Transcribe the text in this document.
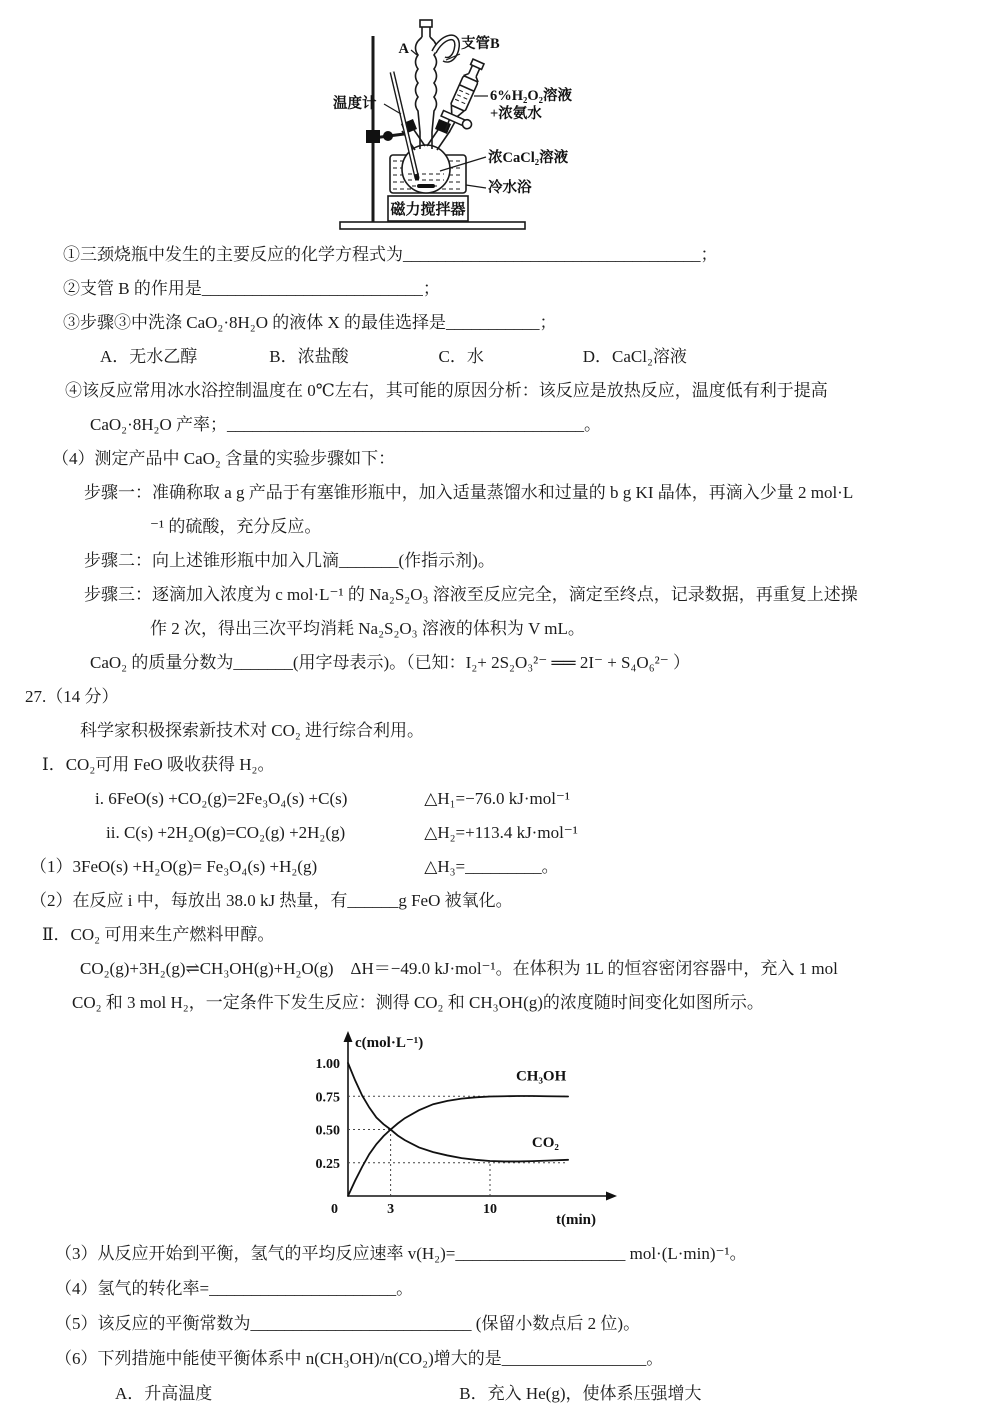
A	支管B
温度计	6%H₂O₂溶液
+浓氨水
浓CaCl₂溶液
冷水浴
磁力搅拌器
①三颈烧瓶中发生的主要反应的化学方程式为___________________________________；
②支管 B 的作用是__________________________；
③步骤③中洗涤 CaO₂·8H₂O 的液体 X 的最佳选择是___________；
A．无水乙醇	B．浓盐酸	C．水	D．CaCl₂溶液
④该反应常用冰水浴控制温度在 0℃左右，其可能的原因分析：该反应是放热反应，温度低有利于提高
CaO₂·8H₂O 产率；__________________________________________。
（4）测定产品中 CaO₂ 含量的实验步骤如下：
步骤一：准确称取 a g 产品于有塞锥形瓶中，加入适量蒸馏水和过量的 b g KI 晶体，再滴入少量 2 mol·L
⁻¹ 的硫酸，充分反应。
步骤二：向上述锥形瓶中加入几滴_______(作指示剂)。
步骤三：逐滴加入浓度为 c mol·L⁻¹ 的 Na₂S₂O₃ 溶液至反应完全，滴定至终点，记录数据，再重复上述操
作 2 次，得出三次平均消耗 Na₂S₂O₃ 溶液的体积为 V mL。
CaO₂ 的质量分数为_______(用字母表示)。（已知：I₂+ 2S₂O₃²⁻ ══ 2I⁻ + S₄O₆²⁻ ）
27.（14 分）
科学家积极探索新技术对 CO₂ 进行综合利用。
Ⅰ．CO₂可用 FeO 吸收获得 H₂。
i. 6FeO(s) +CO₂(g)=2Fe₃O₄(s) +C(s)	△H₁=−76.0 kJ·mol⁻¹
ii. C(s) +2H₂O(g)=CO₂(g) +2H₂(g)	△H₂=+113.4 kJ·mol⁻¹
（1）3FeO(s) +H₂O(g)= Fe₃O₄(s) +H₂(g)	△H₃=_________。
（2）在反应 i 中，每放出 38.0 kJ 热量，有______g FeO 被氧化。
Ⅱ．CO₂ 可用来生产燃料甲醇。
CO₂(g)+3H₂(g)⇌CH₃OH(g)+H₂O(g)　ΔH＝−49.0 kJ·mol⁻¹。在体积为 1L 的恒容密闭容器中，充入 1 mol
CO₂ 和 3 mol H₂，一定条件下发生反应：测得 CO₂ 和 CH₃OH(g)的浓度随时间变化如图所示。
c(mol·L⁻¹)
t(min)
CO₂
CH₃OH
1.00
0.75
0.50
0.25
3	10
0
（3）从反应开始到平衡，氢气的平均反应速率 v(H₂)=____________________ mol·(L·min)⁻¹。
（4）氢气的转化率=______________________。
（5）该反应的平衡常数为__________________________ (保留小数点后 2 位)。
（6）下列措施中能使平衡体系中 n(CH₃OH)/n(CO₂)增大的是_________________。
A．升高温度	B．充入 He(g)，使体系压强增大
